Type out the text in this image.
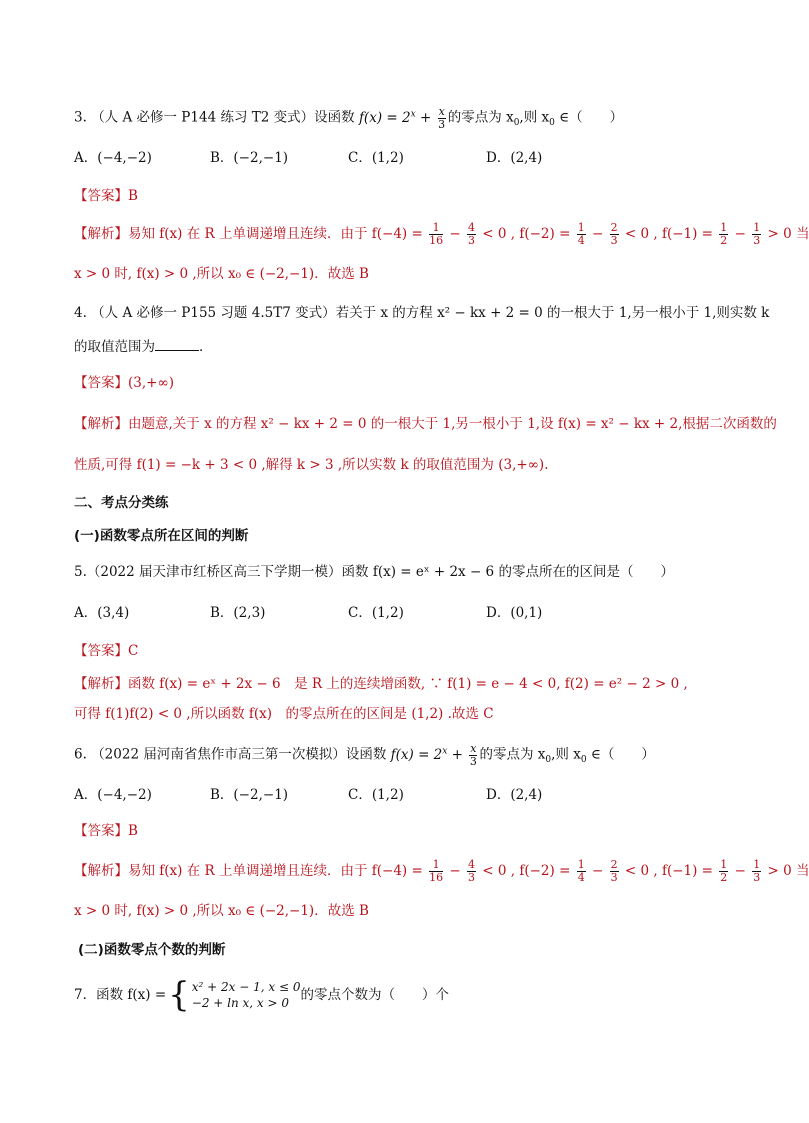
3. （人 A 必修一 P144 练习 T2 变式）设函数 $f(x) = 2^x + \frac{x}{3}$ 的零点为 $x_0$,则 $x_0$ ∈（　　）
A．(−4,−2)	B．(−2,−1)	C．(1,2)	D．(2,4)
【答案】B
【解析】易知 f(x) 在 R 上单调递增且连续．由于 $f(-4) = \frac{1}{16} - \frac{4}{3} < 0$ , $f(-2) = \frac{1}{4} - \frac{2}{3} < 0$ , $f(-1) = \frac{1}{2} - \frac{1}{3} > 0$ 当
x > 0 时, f(x) > 0 ,所以 x₀ ∈ (−2,−1)．故选 B
4. （人 A 必修一 P155 习题 4.5T7 变式）若关于 x 的方程 x² − kx + 2 = 0 的一根大于 1,另一根小于 1,则实数 k
的取值范围为	．
【答案】(3,+∞)
【解析】由题意,关于 x 的方程 x² − kx + 2 = 0 的一根大于 1,另一根小于 1,设 f(x) = x² − kx + 2,根据二次函数的
性质,可得 f(1) = −k + 3 < 0 ,解得 k > 3 ,所以实数 k 的取值范围为 (3,+∞).
二、考点分类练
(一)函数零点所在区间的判断
5.（2022 届天津市红桥区高三下学期一模）函数 f(x) = eˣ + 2x − 6 的零点所在的区间是（　　）
A．(3,4)	B．(2,3)	C．(1,2)	D．(0,1)
【答案】C
【解析】函数 f(x) = eˣ + 2x − 6　是 R 上的连续增函数, ∵ f(1) = e − 4 < 0, f(2) = e² − 2 > 0 ,
可得 f(1)f(2) < 0 ,所以函数 f(x)　的零点所在的区间是 (1,2) .故选 C
6. （2022 届河南省焦作市高三第一次模拟）设函数 $f(x) = 2^x + \frac{x}{3}$ 的零点为 $x_0$,则 $x_0$ ∈（　　）
A．(−4,−2)	B．(−2,−1)	C．(1,2)	D．(2,4)
【答案】B
【解析】易知 f(x) 在 R 上单调递增且连续．由于 $f(-4) = \frac{1}{16} - \frac{4}{3} < 0$ , $f(-2) = \frac{1}{4} - \frac{2}{3} < 0$ , $f(-1) = \frac{1}{2} - \frac{1}{3} > 0$ 当
x > 0 时, f(x) > 0 ,所以 x₀ ∈ (−2,−1)．故选 B
(二)函数零点个数的判断
7．函数 f(x) = { x² + 2x − 1, x ≤ 0
−2 + ln x, x > 0 的零点个数为（　　）个
